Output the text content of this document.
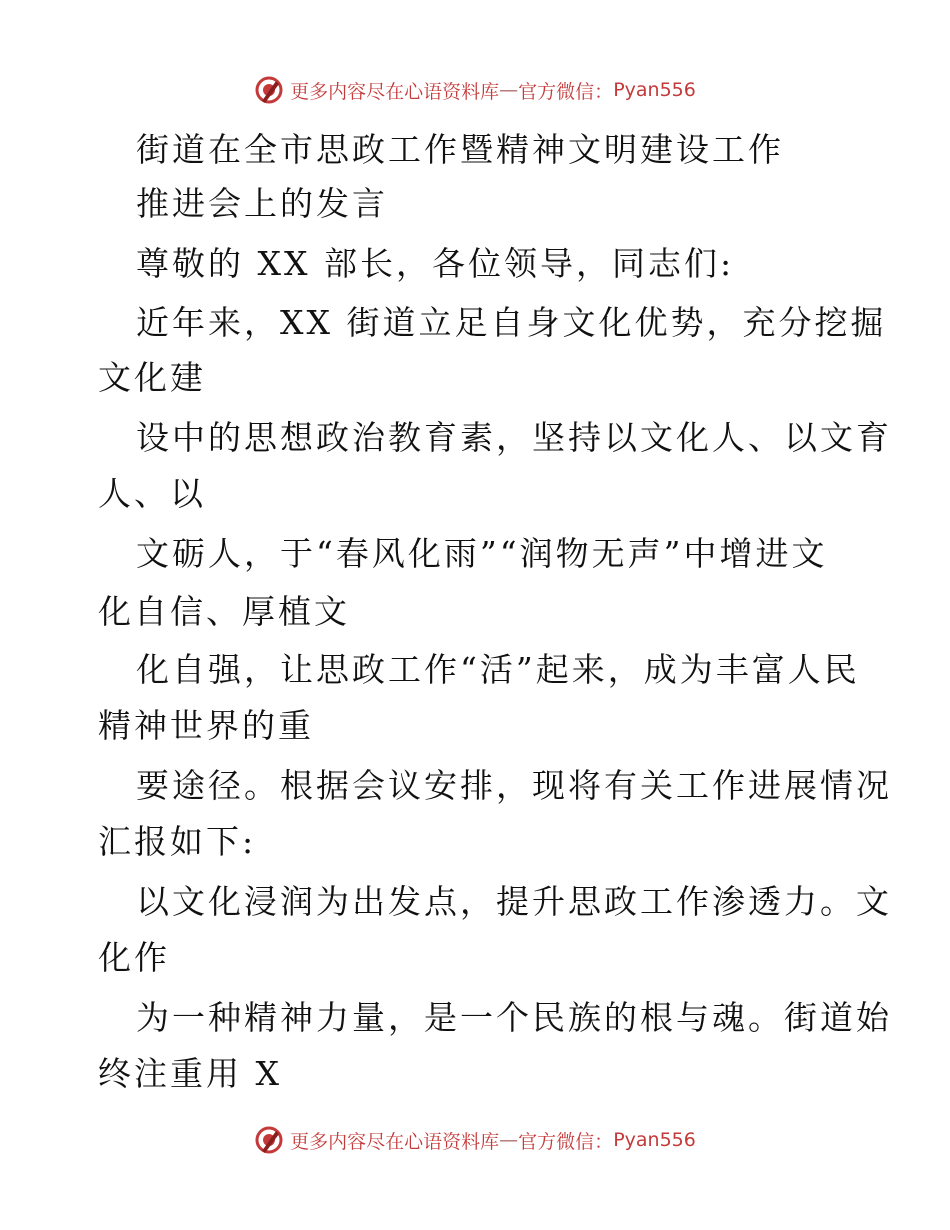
更多内容尽在心语资料库 — 官方微信： Pyan556
街道在全市思政工作暨精神文明建设工作
推进会上的发言
尊敬的 XX 部长，各位领导，同志们:
近年来，XX 街道立足自身文化优势，充分挖掘
文化建
设中的思想政治教育素，坚持以文化人、以文育
人、以
文砺人，于“春风化雨”“润物无声”中增进文
化自信、厚植文
化自强，让思政工作“活”起来，成为丰富人民
精神世界的重
要途径。根据会议安排，现将有关工作进展情况
汇报如下:
以文化浸润为出发点，提升思政工作渗透力。文
化作
为一种精神力量，是一个民族的根与魂。街道始
终注重用 X
更多内容尽在心语资料库 — 官方微信： Pyan556
